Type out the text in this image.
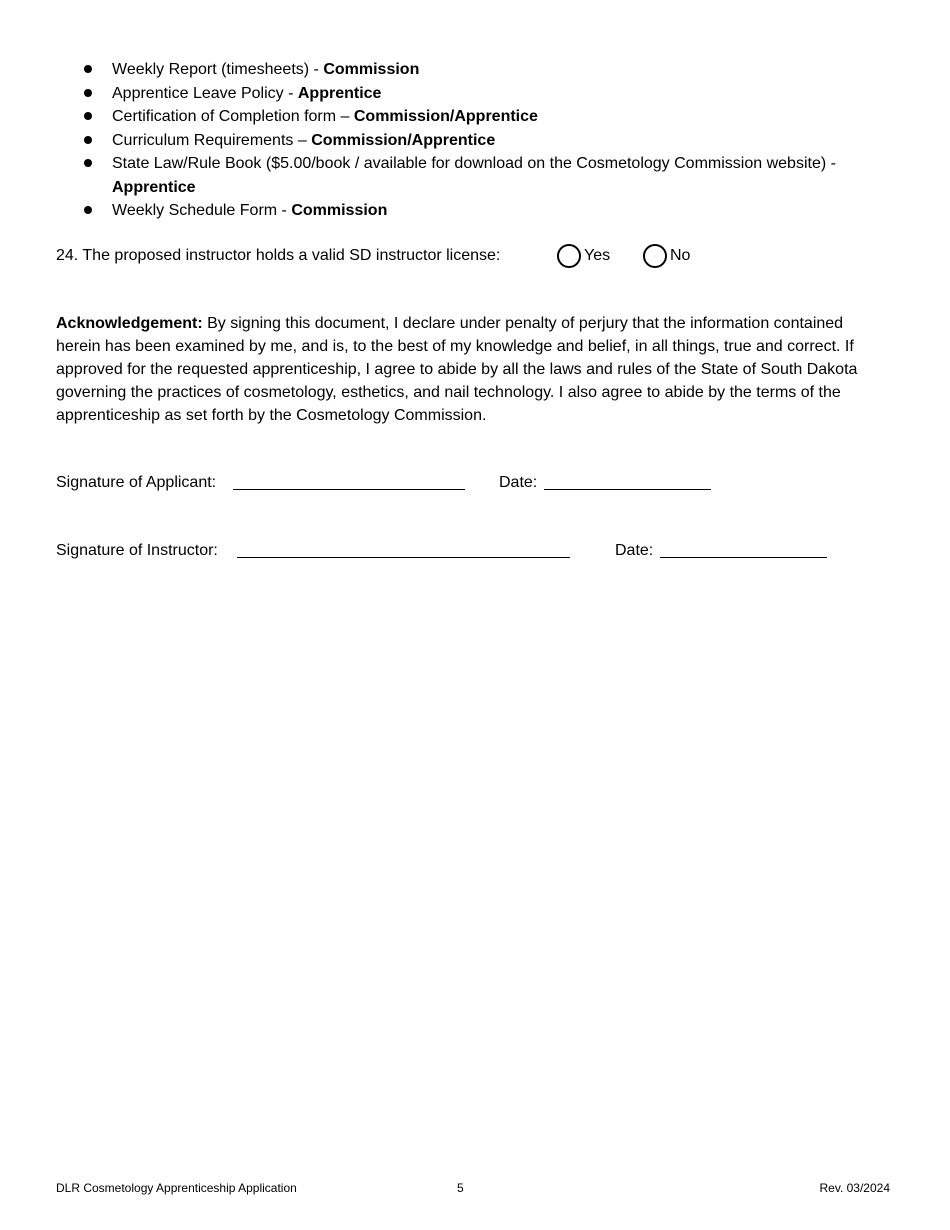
Weekly Report (timesheets) - Commission
Apprentice Leave Policy - Apprentice
Certification of Completion form – Commission/Apprentice
Curriculum Requirements – Commission/Apprentice
State Law/Rule Book ($5.00/book / available for download on the Cosmetology Commission website) - Apprentice
Weekly Schedule Form - Commission
24. The proposed instructor holds a valid SD instructor license:	Yes	No

Acknowledgement: By signing this document, I declare under penalty of perjury that the information contained herein has been examined by me, and is, to the best of my knowledge and belief, in all things, true and correct. If approved for the requested apprenticeship, I agree to abide by all the laws and rules of the State of South Dakota governing the practices of cosmetology, esthetics, and nail technology. I also agree to abide by the terms of the apprenticeship as set forth by the Cosmetology Commission.

Signature of Applicant:	Date:
Signature of Instructor:	Date:
DLR Cosmetology Apprenticeship Application	5	Rev. 03/2024
